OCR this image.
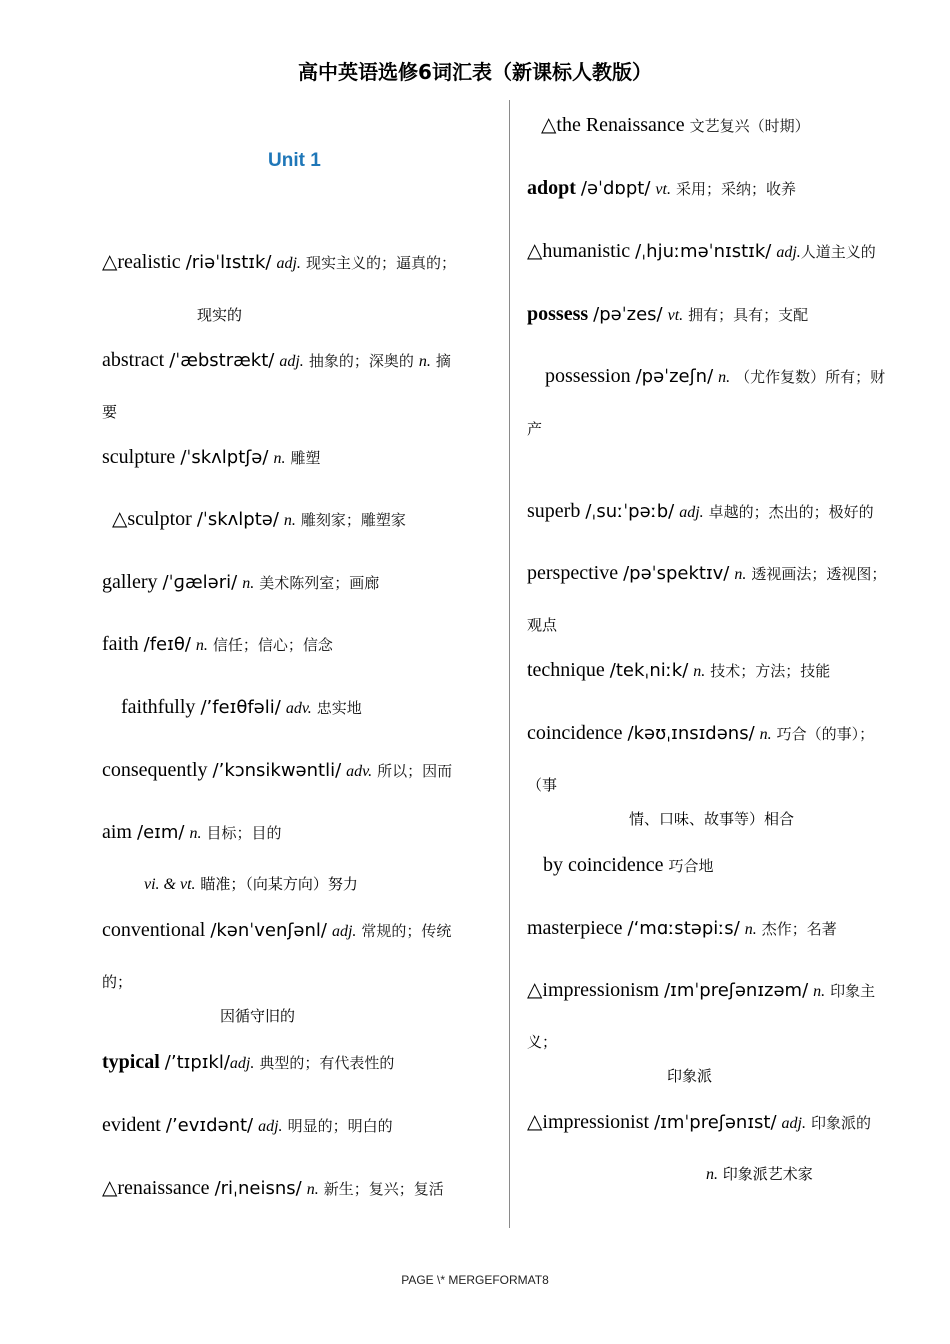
高中英语选修6词汇表（新课标人教版）
Unit 1
△realistic /riəˈlɪstɪk/ adj. 现实主义的；逼真的；
现实的
abstract /ˈæbstrækt/ adj. 抽象的；深奥的 n. 摘
要
sculpture /ˈskʌlptʃə/ n. 雕塑
△sculptor /ˈskʌlptə/ n. 雕刻家；雕塑家
gallery /ˈɡæləri/ n. 美术陈列室；画廊
faith /feɪθ/ n. 信任；信心；信念
faithfully /’feɪθfəli/ adv. 忠实地
consequently /’kɔnsikwəntli/ adv. 所以；因而
aim /eɪm/ n. 目标；目的
vi. & vt. 瞄准；（向某方向）努力
conventional /kənˈvenʃənl/ adj. 常规的；传统
的；
因循守旧的
typical /’tɪpɪkl/adj. 典型的；有代表性的
evident /’evɪdənt/ adj. 明显的；明白的
△renaissance /riˌneisns/ n. 新生；复兴；复活
△the Renaissance 文艺复兴（时期）
adopt /əˈdɒpt/ vt. 采用；采纳；收养
△humanistic /ˌhjuːməˈnɪstɪk/ adj.人道主义的
possess /pəˈzes/ vt. 拥有；具有；支配
possession /pəˈzeʃn/ n. （尤作复数）所有；财
产
superb /ˌsuːˈpəːb/ adj. 卓越的；杰出的；极好的
perspective /pəˈspektɪv/ n. 透视画法；透视图；
观点
technique /tekˌniːk/ n. 技术；方法；技能
coincidence /kəʊˌɪnsɪdəns/ n. 巧合（的事）；
（事
情、口味、故事等）相合
by coincidence 巧合地
masterpiece /‘mɑːstəpiːs/ n. 杰作；名著
△impressionism /ɪmˈpreʃənɪzəm/ n. 印象主
义；
印象派
△impressionist /ɪmˈpreʃənɪst/ adj. 印象派的
n. 印象派艺术家
PAGE \* MERGEFORMAT8
